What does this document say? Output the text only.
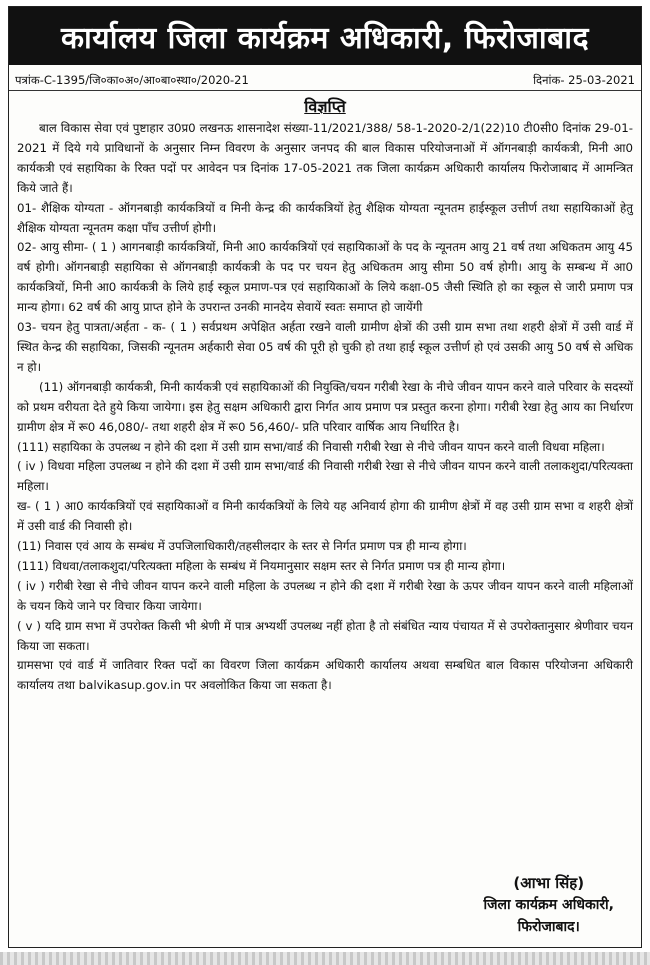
कार्यालय जिला कार्यक्रम अधिकारी, फिरोजाबाद
पत्रांक-C-1395/जि०का०अ०/आ०बा०स्था०/2020-21	दिनांक- 25-03-2021
विज्ञप्ति

बाल विकास सेवा एवं पुष्टाहार उ0प्र0 लखनऊ शासनादेश संख्या-11/2021/388/ 58-1-2020-2/1(22)10 टी0सी0 दिनांक 29-01-2021 में दिये गये प्राविधानों के अनुसार निम्न विवरण के अनुसार जनपद की बाल विकास परियोजनाओं में ऑगनबाड़ी कार्यकत्री, मिनी आ0 कार्यकत्री एवं सहायिका के रिक्त पदों पर आवेदन पत्र दिनांक 17-05-2021 तक जिला कार्यक्रम अधिकारी कार्यालय फिरोजाबाद में आमन्त्रित किये जाते हैं।

01- शैक्षिक योग्यता - ऑगनबाड़ी कार्यकत्रियों व मिनी केन्द्र की कार्यकत्रियों हेतु शैक्षिक योग्यता न्यूनतम हाईस्कूल उत्तीर्ण तथा सहायिकाओं हेतु शैक्षिक योग्यता न्यूनतम कक्षा पाँच उत्तीर्ण होगी।

02- आयु सीमा- ( 1 ) आगनबाड़ी कार्यकत्रियों, मिनी आ0 कार्यकत्रियों एवं सहायिकाओं के पद के न्यूनतम आयु 21 वर्ष तथा अधिकतम आयु 45 वर्ष होगी। ऑगनबाड़ी सहायिका से ऑगनबाड़ी कार्यकत्री के पद पर चयन हेतु अधिकतम आयु सीमा 50 वर्ष होगी। आयु के सम्बन्ध में आ0 कार्यकत्रियों, मिनी आ0 कार्यकत्री के लिये हाई स्कूल प्रमाण-पत्र एवं सहायिकाओं के लिये कक्षा-05 जैसी स्थिति हो का स्कूल से जारी प्रमाण पत्र मान्य होगा। 62 वर्ष की आयु प्राप्त होने के उपरान्त उनकी मानदेय सेवायें स्वतः समाप्त हो जायेंगी

03- चयन हेतु पात्रता/अर्हता - क- ( 1 ) सर्वप्रथम अपेक्षित अर्हता रखने वाली ग्रामीण क्षेत्रों की उसी ग्राम सभा तथा शहरी क्षेत्रों में उसी वार्ड में स्थित केन्द्र की सहायिका, जिसकी न्यूनतम अर्हकारी सेवा 05 वर्ष की पूरी हो चुकी हो तथा हाई स्कूल उत्तीर्ण हो एवं उसकी आयु 50 वर्ष से अधिक न हो।

(11) ऑगनबाड़ी कार्यकत्री, मिनी कार्यकत्री एवं सहायिकाओं की नियुक्ति/चयन गरीबी रेखा के नीचे जीवन यापन करने वाले परिवार के सदस्यों को प्रथम वरीयता देते हुये किया जायेगा। इस हेतु सक्षम अधिकारी द्वारा निर्गत आय प्रमाण पत्र प्रस्तुत करना होगा। गरीबी रेखा हेतु आय का निर्धारण ग्रामीण क्षेत्र में रू0 46,080/- तथा शहरी क्षेत्र में रू0 56,460/- प्रति परिवार वार्षिक आय निर्धारित है।

(111) सहायिका के उपलब्ध न होने की दशा में उसी ग्राम सभा/वार्ड की निवासी गरीबी रेखा से नीचे जीवन यापन करने वाली विधवा महिला।

( iv ) विधवा महिला उपलब्ध न होने की दशा में उसी ग्राम सभा/वार्ड की निवासी गरीबी रेखा से नीचे जीवन यापन करने वाली तलाकशुदा/परित्यक्ता महिला।

ख- ( 1 ) आ0 कार्यकत्रियों एवं सहायिकाओं व मिनी कार्यकत्रियों के लिये यह अनिवार्य होगा की ग्रामीण क्षेत्रों में वह उसी ग्राम सभा व शहरी क्षेत्रों में उसी वार्ड की निवासी हो।

(11) निवास एवं आय के सम्बंध में उपजिलाधिकारी/तहसीलदार के स्तर से निर्गत प्रमाण पत्र ही मान्य होगा।

(111) विधवा/तलाकशुदा/परित्यक्ता महिला के सम्बंध में नियमानुसार सक्षम स्तर से निर्गत प्रमाण पत्र ही मान्य होगा।

( iv ) गरीबी रेखा से नीचे जीवन यापन करने वाली महिला के उपलब्ध न होने की दशा में गरीबी रेखा के ऊपर जीवन यापन करने वाली महिलाओं के चयन किये जाने पर विचार किया जायेगा।

( v ) यदि ग्राम सभा में उपरोक्त किसी भी श्रेणी में पात्र अभ्यर्थी उपलब्ध नहीं होता है तो संबंधित न्याय पंचायत में से उपरोक्तानुसार श्रेणीवार चयन किया जा सकता।

ग्रामसभा एवं वार्ड में जातिवार रिक्त पदों का विवरण जिला कार्यक्रम अधिकारी कार्यालय अथवा सम्बधित बाल विकास परियोजना अधिकारी कार्यालय तथा balvikasup.gov.in पर अवलोकित किया जा सकता है।

(आभा सिंह)
जिला कार्यक्रम अधिकारी,
फिरोजाबाद।
